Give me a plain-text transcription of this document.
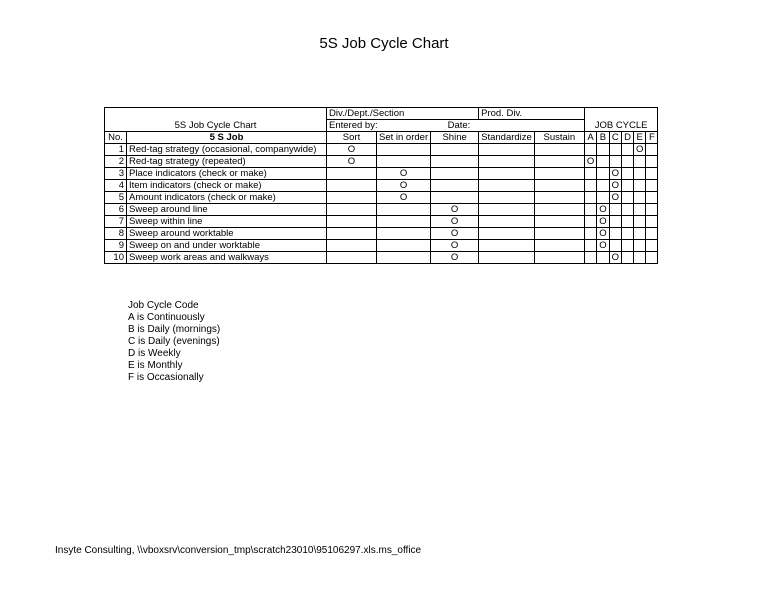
5S Job Cycle Chart
5S Job Cycle Chart		Div./Dept./Section			Prod. Div.		JOB CYCLE					
		Entered by: Date:										
No.	5 S Job	Sort	Set in order	Shine	Standardize	Sustain	A	B	C	D	E	F
1	Red-tag strategy (occasional, companywide)	O									O	
2	Red-tag strategy (repeated)	O					O					
3	Place indicators (check or make)		O						O			
4	Item indicators (check or make)		O						O			
5	Amount indicators (check or make)		O						O			
6	Sweep around line			O				O				
7	Sweep within line			O				O				
8	Sweep around worktable			O				O				
9	Sweep on and under worktable			O				O				
10	Sweep work areas and walkways			O					O			
Job Cycle Code
A is Continuously
B is Daily (mornings)
C is Daily (evenings)
D is Weekly
E is Monthly
F is Occasionally
Insyte Consulting, \\vboxsrv\conversion_tmp\scratch23010\95106297.xls.ms_office
